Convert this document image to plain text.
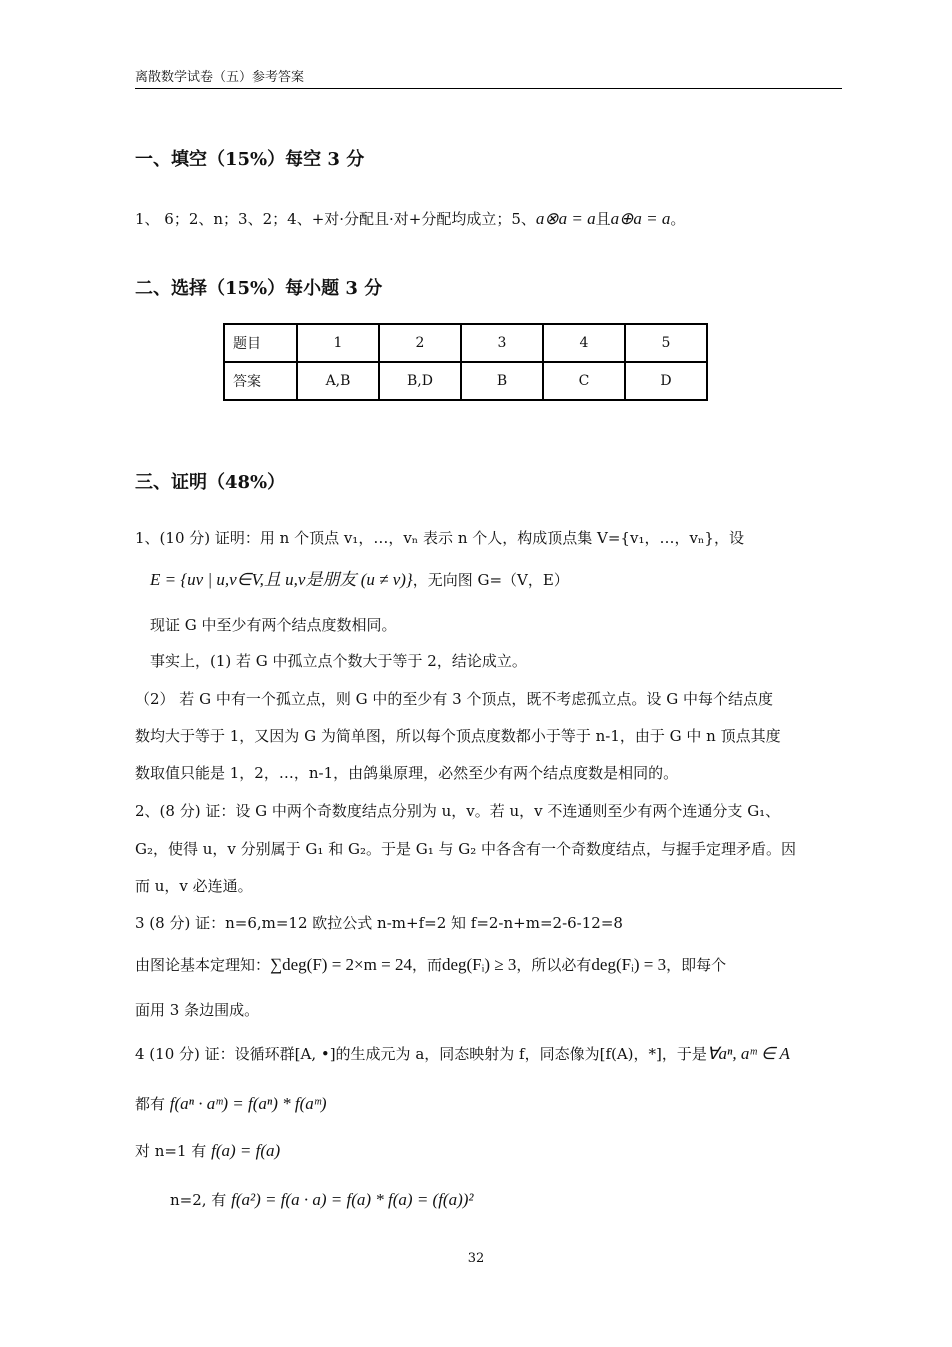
离散数学试卷（五）参考答案
一、填空（15%）每空 3 分
1、 6；2、n；3、2；4、+对·分配且·对+分配均成立；5、a⊗a = a且a⊕a = a。
二、选择（15%）每小题 3 分
题目	1	2	3	4	5
答案	A,B	B,D	B	C	D
三、证明（48%）
1、(10 分) 证明：用 n 个顶点 v₁，…，vₙ 表示 n 个人，构成顶点集 V={v₁，…，vₙ}，设
E = {uv | u,v∈V,且 u,v是朋友 (u ≠ v)}，无向图 G=（V，E）
现证 G 中至少有两个结点度数相同。
事实上，(1) 若 G 中孤立点个数大于等于 2，结论成立。
（2） 若 G 中有一个孤立点，则 G 中的至少有 3 个顶点，既不考虑孤立点。设 G 中每个结点度
数均大于等于 1，又因为 G 为简单图，所以每个顶点度数都小于等于 n-1，由于 G 中 n 顶点其度
数取值只能是 1，2，…，n-1，由鸽巢原理，必然至少有两个结点度数是相同的。
2、(8 分) 证：设 G 中两个奇数度结点分别为 u，v。若 u，v 不连通则至少有两个连通分支 G₁、
G₂，使得 u，v 分别属于 G₁ 和 G₂。于是 G₁ 与 G₂ 中各含有一个奇数度结点，与握手定理矛盾。因
而 u，v 必连通。
3 (8 分) 证：n=6,m=12 欧拉公式 n-m+f=2 知 f=2-n+m=2-6-12=8
由图论基本定理知：∑deg(F) = 2×m = 24，而deg(Fᵢ) ≥ 3，所以必有deg(Fᵢ) = 3，即每个
面用 3 条边围成。
4 (10 分) 证：设循环群[A, •]的生成元为 a，同态映射为 f，同态像为[f(A)，*]，于是∀aⁿ, aᵐ ∈ A
都有 f(aⁿ · aᵐ) = f(aⁿ) * f(aᵐ)
对 n=1 有 f(a) = f(a)
n=2, 有 f(a²) = f(a · a) = f(a) * f(a) = (f(a))²
32
